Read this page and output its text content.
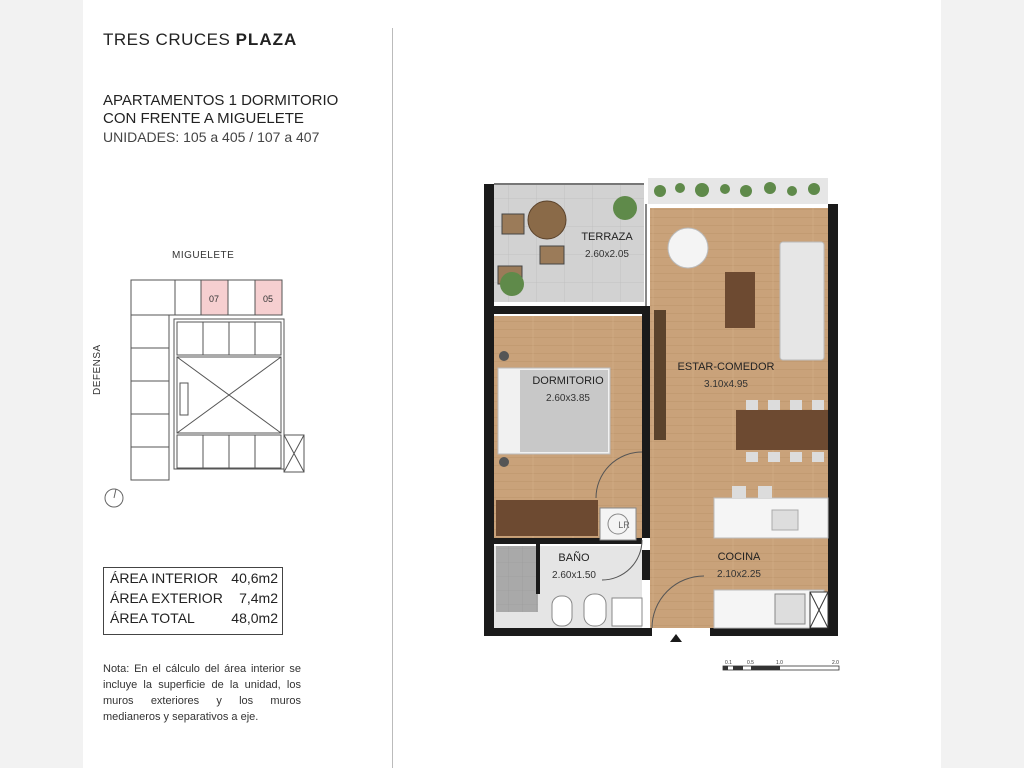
TRES CRUCES PLAZA
APARTAMENTOS 1 DORMITORIO
CON FRENTE A MIGUELETE
UNIDADES: 105 a 405 / 107 a 407
MIGUELETE
DEFENSA
07	05
ÁREA INTERIOR 40,6m2
ÁREA EXTERIOR 7,4m2
ÁREA TOTAL	48,0m2
Nota: En el cálculo del área interior se incluye la superficie de la unidad, los muros exteriores y los muros medianeros y separativos a eje.
TERRAZA
2.60x2.05
ESTAR-COMEDOR
3.10x4.95
DORMITORIO
2.60x3.85
BAÑO
2.60x1.50
COCINA
2.10x2.25
LR
0.1	0.5	1.0	2.0
